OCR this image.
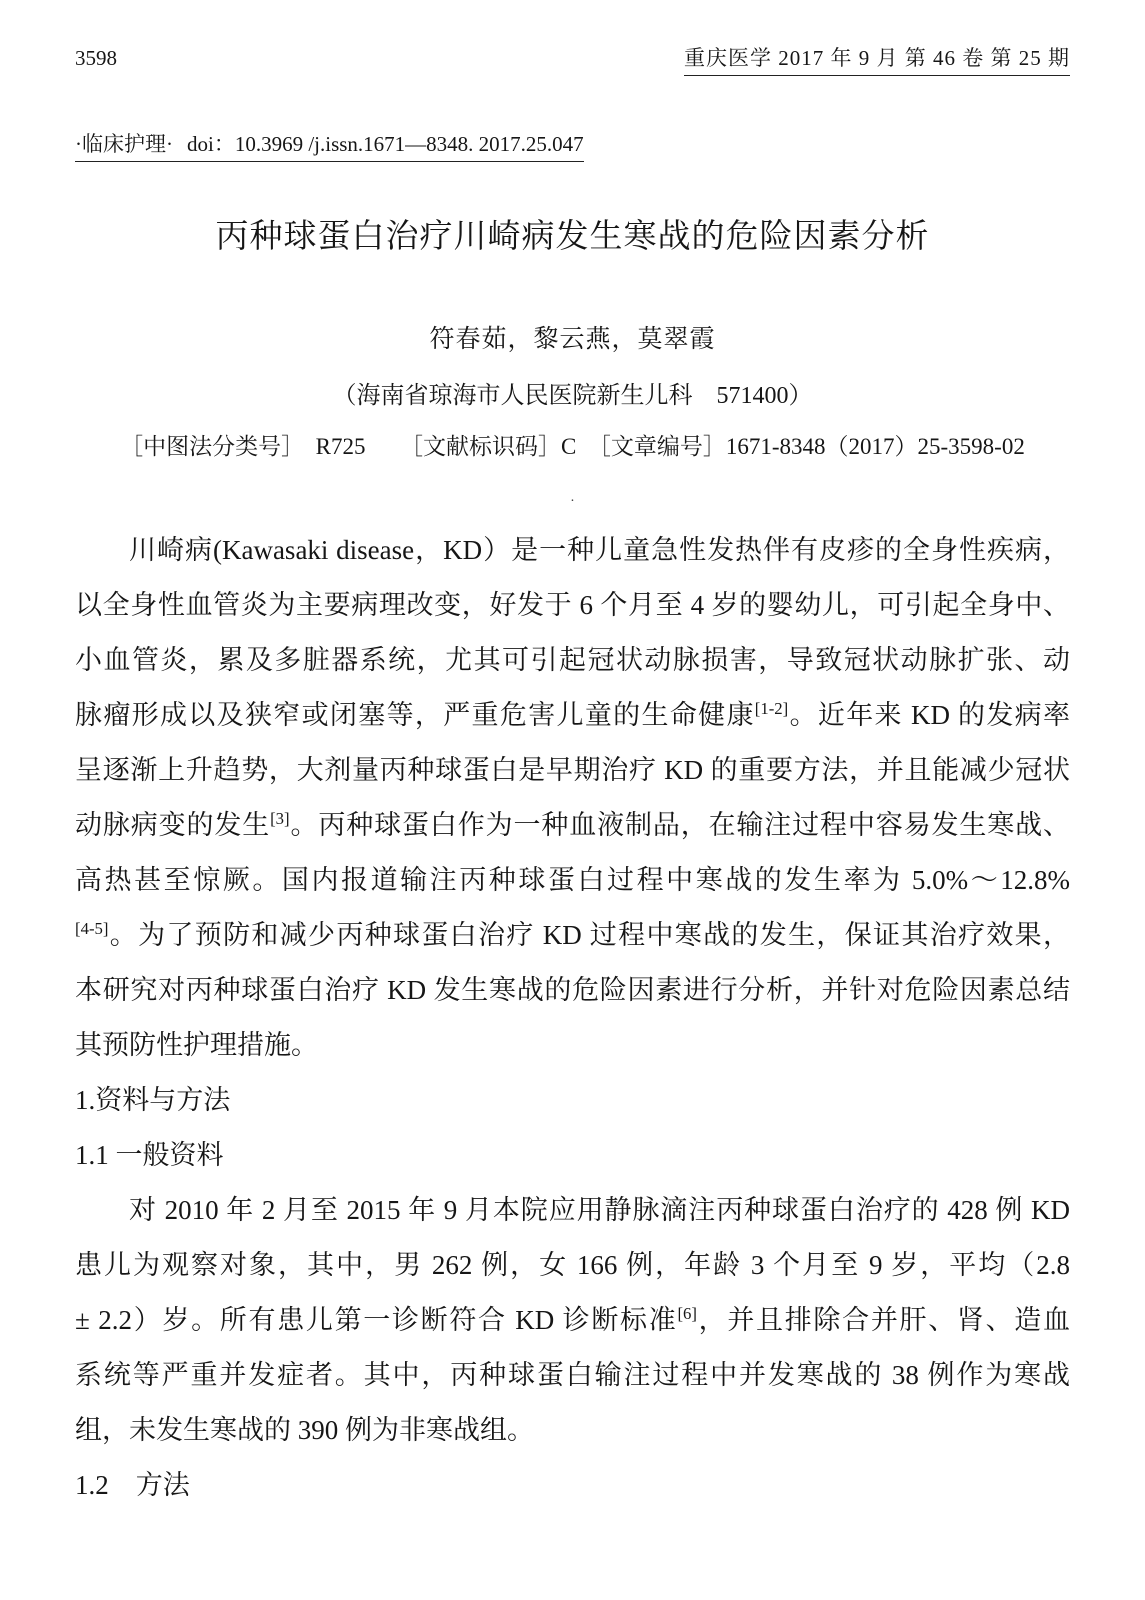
3598	重庆医学 2017 年 9 月 第 46 卷 第 25 期
·临床护理· doi：10.3969 /j.issn.1671—8348. 2017.25.047
丙种球蛋白治疗川崎病发生寒战的危险因素分析
符春茹，黎云燕，莫翠霞
（海南省琼海市人民医院新生儿科　571400）
［中图法分类号］　R725　　［文献标识码］C　［文章编号］1671-8348（2017）25-3598-02
·
川崎病(Kawasaki disease，KD）是一种儿童急性发热伴有皮疹的全身性疾病，
以全身性血管炎为主要病理改变，好发于 6 个月至 4 岁的婴幼儿，可引起全身中、
小血管炎，累及多脏器系统，尤其可引起冠状动脉损害，导致冠状动脉扩张、动
脉瘤形成以及狭窄或闭塞等，严重危害儿童的生命健康[1-2]。近年来 KD 的发病率
呈逐渐上升趋势，大剂量丙种球蛋白是早期治疗 KD 的重要方法，并且能减少冠状
动脉病变的发生[3]。丙种球蛋白作为一种血液制品，在输注过程中容易发生寒战、
高热甚至惊厥。国内报道输注丙种球蛋白过程中寒战的发生率为 5.0%～12.8%
[4-5]。为了预防和减少丙种球蛋白治疗 KD 过程中寒战的发生，保证其治疗效果，
本研究对丙种球蛋白治疗 KD 发生寒战的危险因素进行分析，并针对危险因素总结
其预防性护理措施。
1.资料与方法
1.1 一般资料
对 2010 年 2 月至 2015 年 9 月本院应用静脉滴注丙种球蛋白治疗的 428 例 KD
患儿为观察对象，其中，男 262 例，女 166 例，年龄 3 个月至 9 岁，平均（2.8
± 2.2）岁。所有患儿第一诊断符合 KD 诊断标准[6]，并且排除合并肝、肾、造血
系统等严重并发症者。其中，丙种球蛋白输注过程中并发寒战的 38 例作为寒战
组，未发生寒战的 390 例为非寒战组。
1.2　方法
